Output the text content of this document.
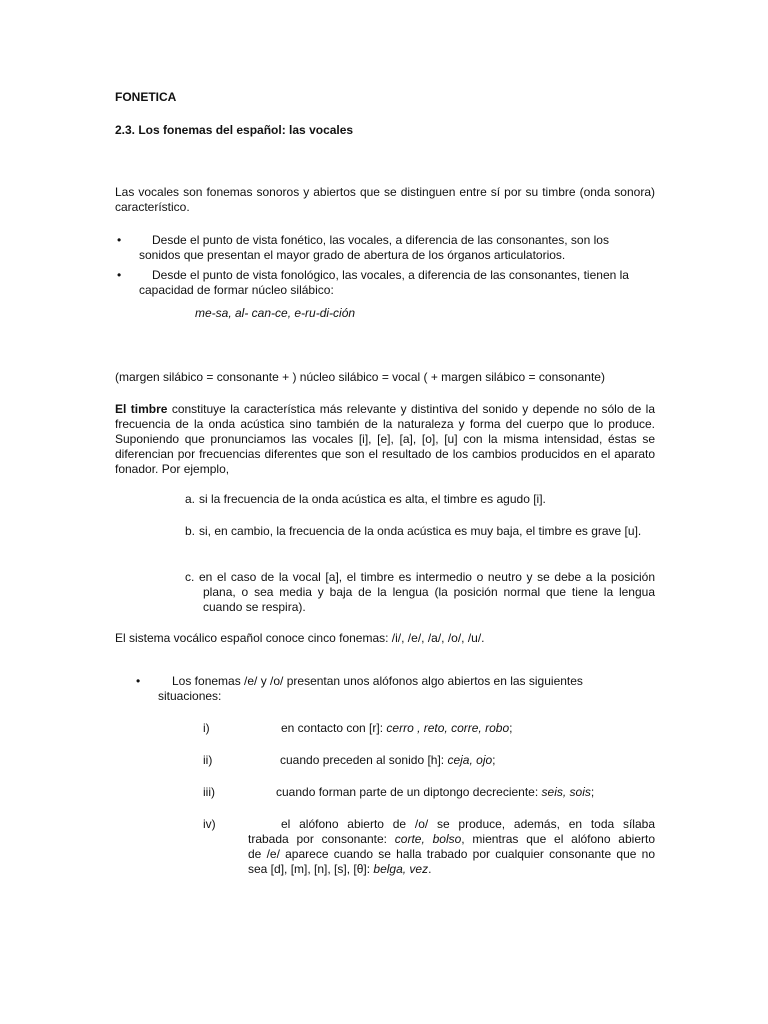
FONETICA
2.3. Los fonemas del español: las vocales
Las vocales son fonemas sonoros y abiertos que se distinguen entre sí por su timbre (onda sonora) característico.
•	Desde el punto de vista fonético, las vocales, a diferencia de las consonantes, son los sonidos que presentan el mayor grado de abertura de los órganos articulatorios.
•	Desde el punto de vista fonológico, las vocales, a diferencia de las consonantes, tienen la capacidad de formar núcleo silábico:
me-sa, al- can-ce, e-ru-di-ción
(margen silábico = consonante + ) núcleo silábico = vocal ( + margen silábico = consonante)
El timbre constituye la característica más relevante y distintiva del sonido y depende no sólo de la frecuencia de la onda acústica sino también de la naturaleza y forma del cuerpo que lo produce. Suponiendo que pronunciamos las vocales [i], [e], [a], [o], [u] con la misma intensidad, éstas se diferencian por frecuencias diferentes que son el resultado de los cambios producidos en el aparato fonador. Por ejemplo,
a. si la frecuencia de la onda acústica es alta, el timbre es agudo [i].
b. si, en cambio, la frecuencia de la onda acústica es muy baja, el timbre es grave [u].
c. en el caso de la vocal [a], el timbre es intermedio o neutro y se debe a la posición    plana, o sea media y baja de la lengua (la posición normal que tiene la lengua cuando se respira).
El sistema vocálico español conoce cinco fonemas: /i/, /e/, /a/, /o/, /u/.
•	Los fonemas /e/ y /o/ presentan unos alófonos algo abiertos en las siguientes situaciones:
i)	en contacto con [r]: cerro , reto, corre, robo;
ii)	cuando preceden al sonido [h]: ceja, ojo;
iii)	cuando forman parte de un diptongo decreciente: seis, sois;
iv)	el alófono abierto de /o/ se produce, además, en toda sílaba
trabada por consonante: corte, bolso, mientras que el alófono abierto
de /e/ aparece cuando se halla trabado por cualquier consonante que no
sea [d], [m], [n], [s], [θ]: belga, vez.
